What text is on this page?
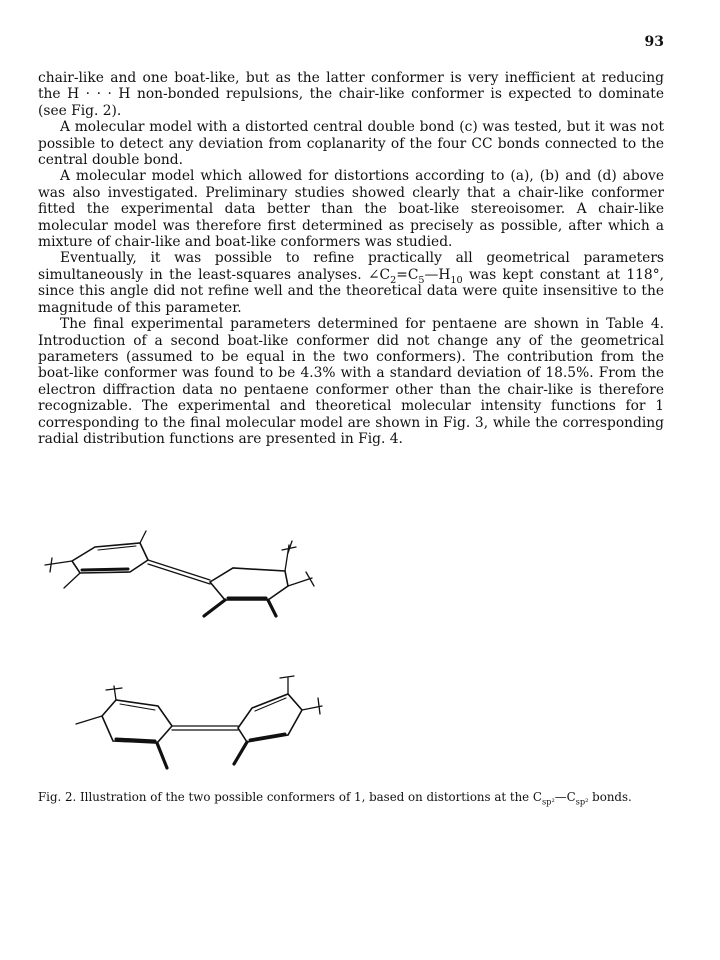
93

chair-like and one boat-like, but as the latter conformer is very inefficient at reducing the H · · · H non-bonded repulsions, the chair-like conformer is expected to dominate (see Fig. 2).

A molecular model with a distorted central double bond (c) was tested, but it was not possible to detect any deviation from coplanarity of the four CC bonds connected to the central double bond.

A molecular model which allowed for distortions according to (a), (b) and (d) above was also investigated. Preliminary studies showed clearly that a chair-like conformer fitted the experimental data better than the boat-like stereoisomer. A chair-like molecular model was therefore first determined as precisely as possible, after which a mixture of chair-like and boat-like conformers was studied.

Eventually, it was possible to refine practically all geometrical parameters simultaneously in the least-squares analyses. $\angle C_2=C_5—H_{10}$ was kept constant at 118°, since this angle did not refine well and the theoretical data were quite insensitive to the magnitude of this parameter.

The final experimental parameters determined for pentaene are shown in Table 4. Introduction of a second boat-like conformer did not change any of the geometrical parameters (assumed to be equal in the two conformers). The contribution from the boat-like conformer was found to be 4.3% with a standard deviation of 18.5%. From the electron diffraction data no pentaene conformer other than the chair-like is therefore recognizable. The experimental and theoretical molecular intensity functions for 1 corresponding to the final molecular model are shown in Fig. 3, while the corresponding radial distribution functions are presented in Fig. 4.

Fig. 2. Illustration of the two possible conformers of 1, based on distortions at the $C_{sp^2}—C_{sp^2}$ bonds.
